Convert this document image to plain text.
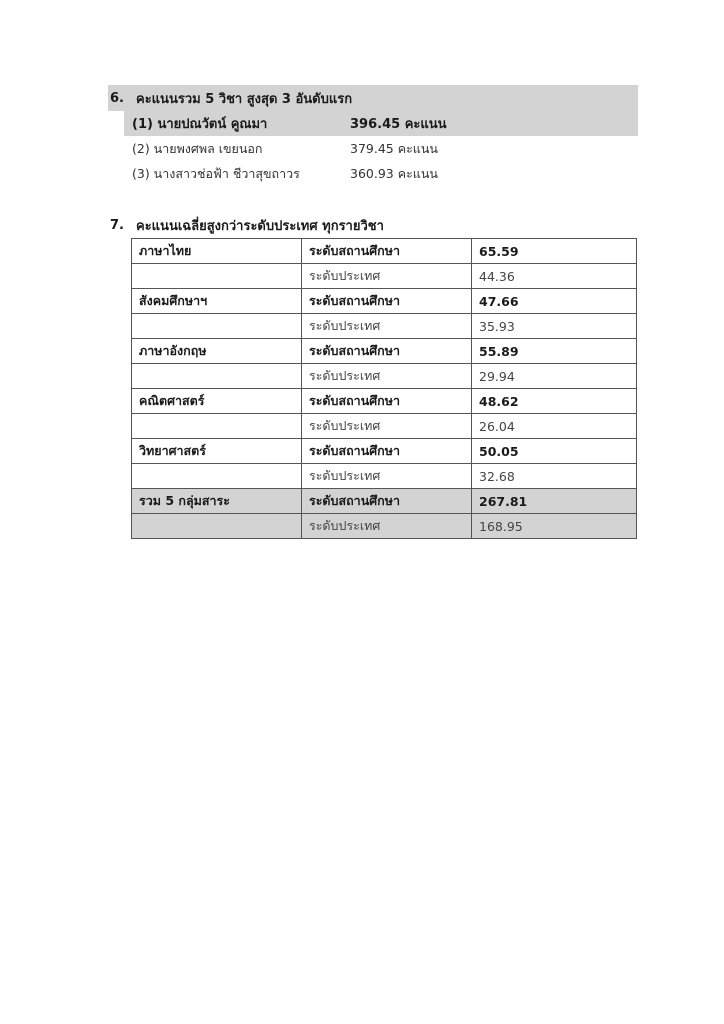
6. คะแนนรวม 5 วิชา สูงสุด 3 อันดับแรก
(1) นายปณวัตน์ คูณมา	396.45 คะแนน
(2) นายพงศพล เขยนอก	379.45 คะแนน
(3) นางสาวช่อฟ้า ชีวาสุขถาวร	360.93 คะแนน
7. คะแนนเฉลี่ยสูงกว่าระดับประเทศ ทุกรายวิชา
ภาษาไทย	ระดับสถานศึกษา	65.59
	ระดับประเทศ	44.36
สังคมศึกษาฯ	ระดับสถานศึกษา	47.66
	ระดับประเทศ	35.93
ภาษาอังกฤษ	ระดับสถานศึกษา	55.89
	ระดับประเทศ	29.94
คณิตศาสตร์	ระดับสถานศึกษา	48.62
	ระดับประเทศ	26.04
วิทยาศาสตร์	ระดับสถานศึกษา	50.05
	ระดับประเทศ	32.68
รวม 5 กลุ่มสาระ	ระดับสถานศึกษา	267.81
	ระดับประเทศ	168.95
